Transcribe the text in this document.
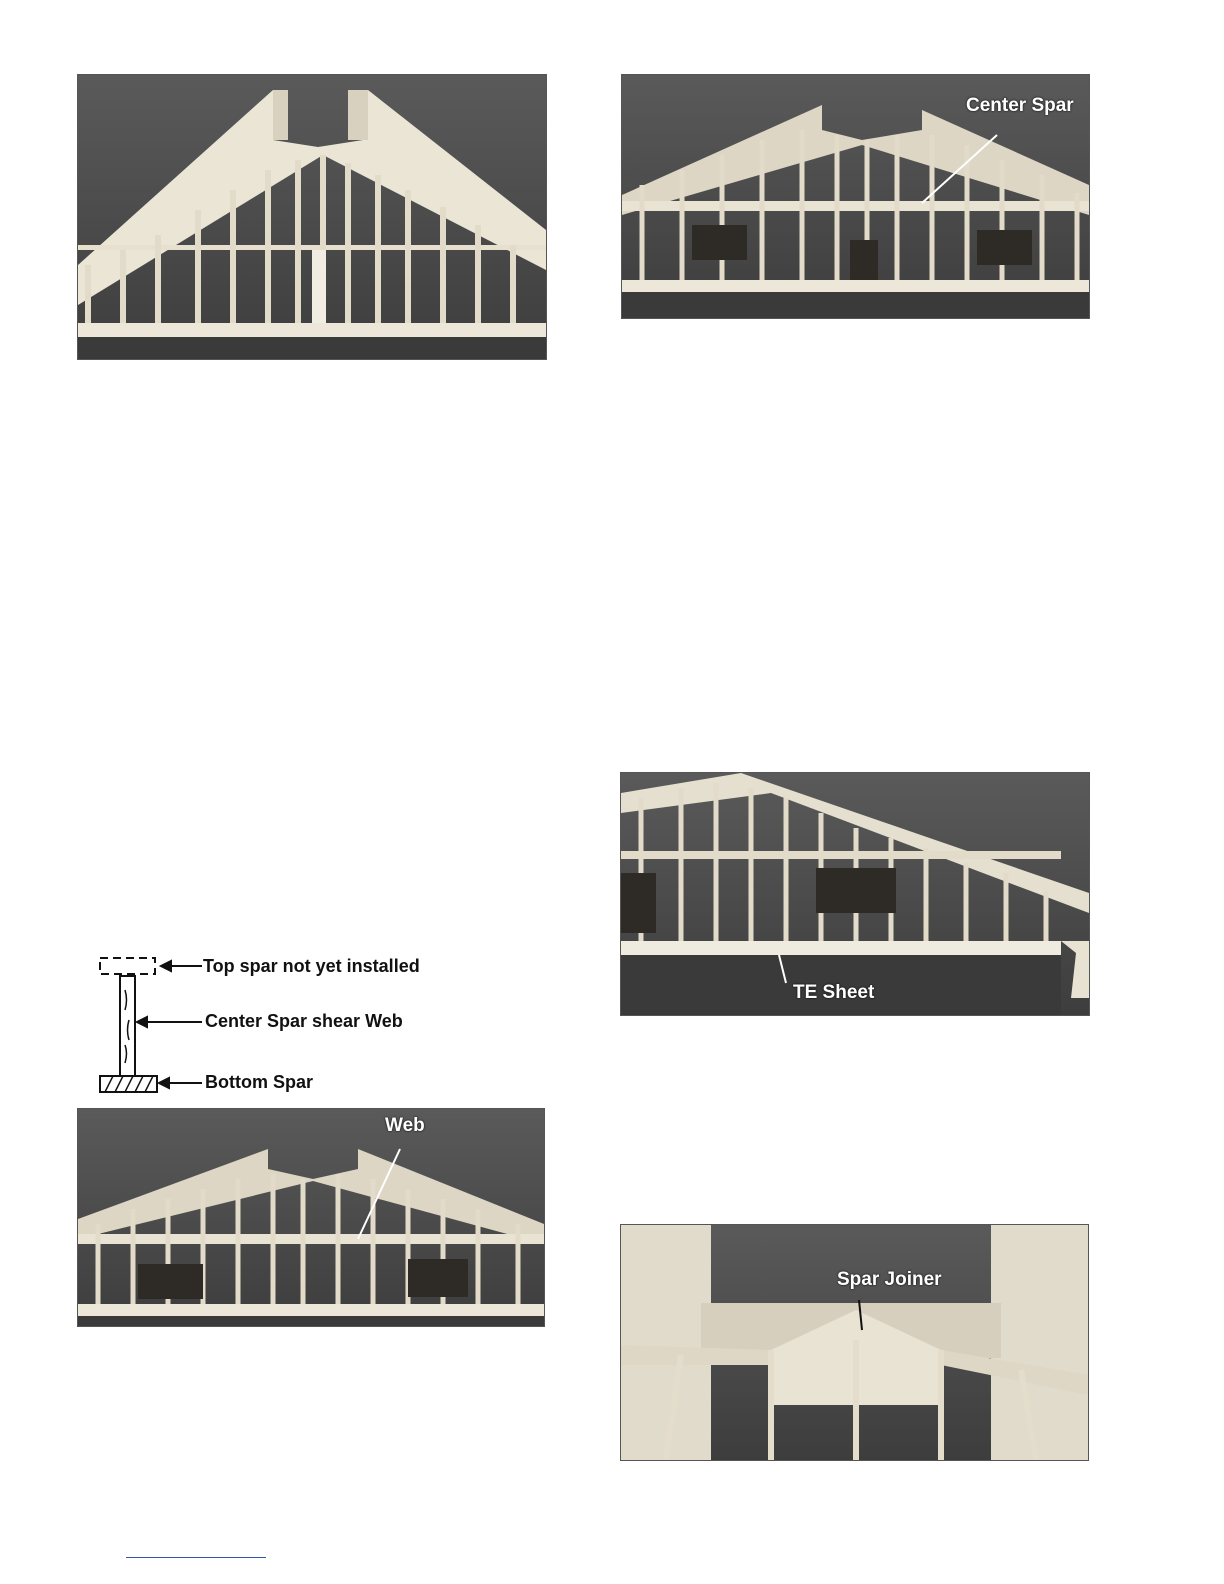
Center Spar
Top spar not yet installed
Center Spar shear Web
Bottom Spar
TE Sheet
Web
Spar Joiner
